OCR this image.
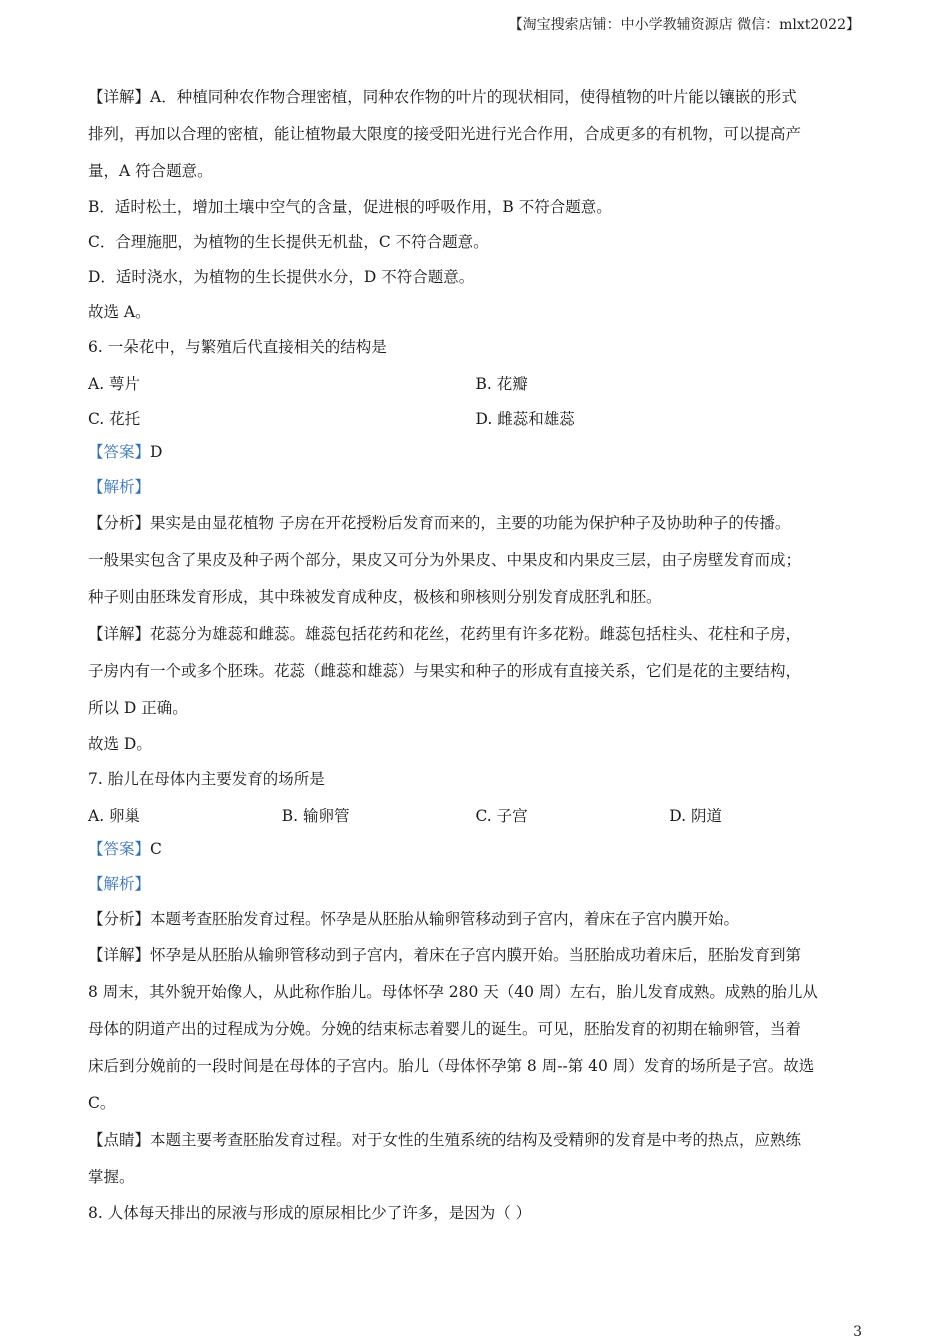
【淘宝搜索店铺：中小学教辅资源店 微信：mlxt2022】

【详解】A．种植同种农作物合理密植，同种农作物的叶片的现状相同，使得植物的叶片能以镶嵌的形式

排列，再加以合理的密植，能让植物最大限度的接受阳光进行光合作用，合成更多的有机物，可以提高产

量，A 符合题意。

B．适时松土，增加土壤中空气的含量，促进根的呼吸作用，B 不符合题意。

C．合理施肥，为植物的生长提供无机盐，C 不符合题意。

D．适时浇水，为植物的生长提供水分，D 不符合题意。

故选 A。

6. 一朵花中，与繁殖后代直接相关的结构是

A. 萼片	B. 花瓣
C. 花托	D. 雌蕊和雄蕊

【答案】D

【解析】

【分析】果实是由显花植物 子房在开花授粉后发育而来的，主要的功能为保护种子及协助种子的传播。

一般果实包含了果皮及种子两个部分，果皮又可分为外果皮、中果皮和内果皮三层，由子房壁发育而成；

种子则由胚珠发育形成，其中珠被发育成种皮，极核和卵核则分别发育成胚乳和胚。

【详解】花蕊分为雄蕊和雌蕊。雄蕊包括花药和花丝，花药里有许多花粉。雌蕊包括柱头、花柱和子房，

子房内有一个或多个胚珠。花蕊（雌蕊和雄蕊）与果实和种子的形成有直接关系，它们是花的主要结构，

所以 D 正确。

故选 D。

7. 胎儿在母体内主要发育的场所是

A. 卵巢	B. 输卵管	C. 子宫	D. 阴道

【答案】C

【解析】

【分析】本题考查胚胎发育过程。怀孕是从胚胎从输卵管移动到子宫内，着床在子宫内膜开始。

【详解】怀孕是从胚胎从输卵管移动到子宫内，着床在子宫内膜开始。当胚胎成功着床后，胚胎发育到第

8 周末，其外貌开始像人，从此称作胎儿。母体怀孕 280 天（40 周）左右，胎儿发育成熟。成熟的胎儿从

母体的阴道产出的过程成为分娩。分娩的结束标志着婴儿的诞生。可见，胚胎发育的初期在输卵管，当着

床后到分娩前的一段时间是在母体的子宫内。胎儿（母体怀孕第 8 周--第 40 周）发育的场所是子宫。故选

C。

【点睛】本题主要考查胚胎发育过程。对于女性的生殖系统的结构及受精卵的发育是中考的热点，应熟练

掌握。

8. 人体每天排出的尿液与形成的原尿相比少了许多，是因为（ ）

3
